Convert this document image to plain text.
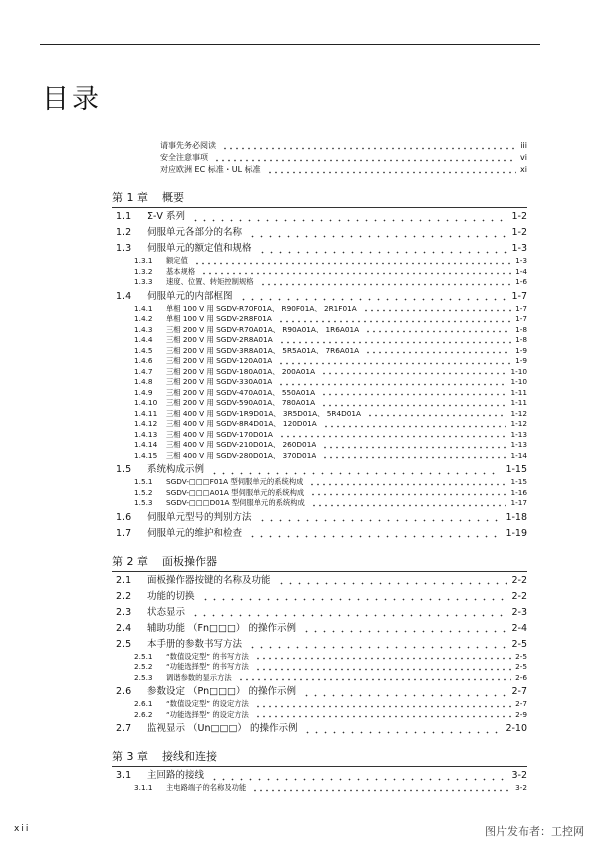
目录
请事先务必阅读	iii
安全注意事项	vi
对应欧洲 EC 标准・UL 标准	xi
第 1 章 概要
1.1	Σ-V 系列	1-2
1.2	伺服单元各部分的名称	1-2
1.3	伺服单元的额定值和规格	1-3
1.3.1	额定值	1-3
1.3.2	基本规格	1-4
1.3.3	速度、位置、转矩控制规格	1-6
1.4	伺服单元的内部框图	1-7
1.4.1	单相 100 V 用 SGDV-R70F01A、 R90F01A、 2R1F01A	1-7
1.4.2	单相 100 V 用 SGDV-2R8F01A	1-7
1.4.3	三相 200 V 用 SGDV-R70A01A、 R90A01A、 1R6A01A	1-8
1.4.4	三相 200 V 用 SGDV-2R8A01A	1-8
1.4.5	三相 200 V 用 SGDV-3R8A01A、 5R5A01A、 7R6A01A	1-9
1.4.6	三相 200 V 用 SGDV-120A01A	1-9
1.4.7	三相 200 V 用 SGDV-180A01A、 200A01A	1-10
1.4.8	三相 200 V 用 SGDV-330A01A	1-10
1.4.9	三相 200 V 用 SGDV-470A01A、 550A01A	1-11
1.4.10	三相 200 V 用 SGDV-590A01A、 780A01A	1-11
1.4.11	三相 400 V 用 SGDV-1R9D01A、 3R5D01A、 5R4D01A	1-12
1.4.12	三相 400 V 用 SGDV-8R4D01A、 120D01A	1-12
1.4.13	三相 400 V 用 SGDV-170D01A	1-13
1.4.14	三相 400 V 用 SGDV-210D01A、 260D01A	1-13
1.4.15	三相 400 V 用 SGDV-280D01A、 370D01A	1-14
1.5	系统构成示例	1-15
1.5.1	SGDV-□□□F01A 型伺服单元的系统构成	1-15
1.5.2	SGDV-□□□A01A 型伺服单元的系统构成	1-16
1.5.3	SGDV-□□□D01A 型伺服单元的系统构成	1-17
1.6	伺服单元型号的判别方法	1-18
1.7	伺服单元的维护和检查	1-19
第 2 章 面板操作器
2.1	面板操作器按键的名称及功能	2-2
2.2	功能的切换	2-2
2.3	状态显示	2-3
2.4	辅助功能 （Fn□□□） 的操作示例	2-4
2.5	本手册的参数书写方法	2-5
2.5.1	“数值设定型” 的书写方法	2-5
2.5.2	“功能选择型” 的书写方法	2-5
2.5.3	调谐参数的显示方法	2-6
2.6	参数设定 （Pn□□□） 的操作示例	2-7
2.6.1	“数值设定型” 的设定方法	2-7
2.6.2	“功能选择型” 的设定方法	2-9
2.7	监视显示 （Un□□□） 的操作示例	2-10
第 3 章 接线和连接
3.1	主回路的接线	3-2
3.1.1	主电路端子的名称及功能	3-2
xii	图片发布者：工控网
